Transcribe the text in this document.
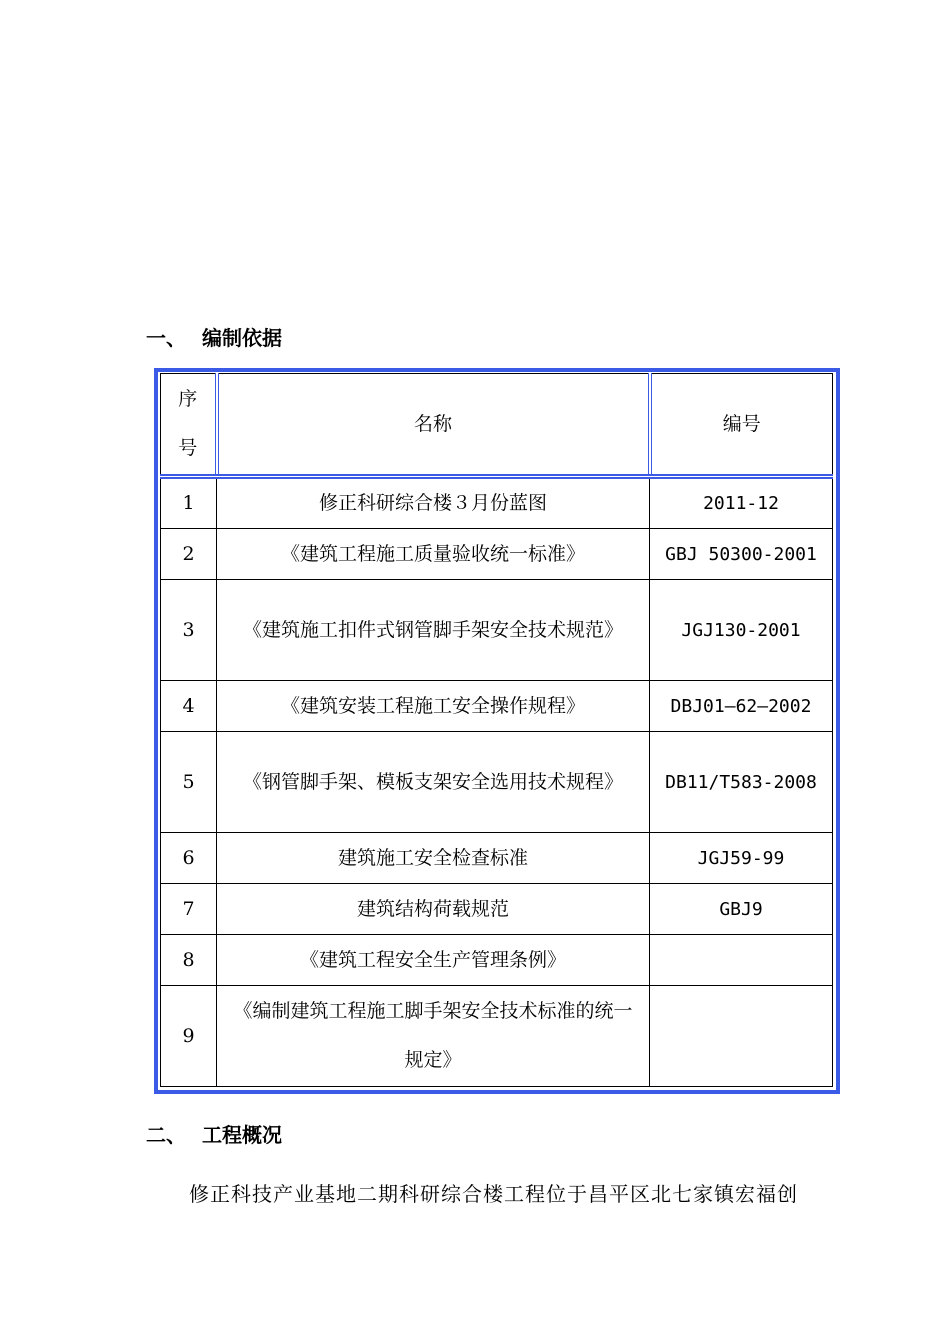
一、 编制依据
序
号	名称	编号
1	修正科研综合楼３月份蓝图	2011-12
2	《建筑工程施工质量验收统一标准》	GBJ 50300-2001
3	《建筑施工扣件式钢管脚手架安全技术规范》	JGJ130-2001
4	《建筑安装工程施工安全操作规程》	DBJ01—62—2002
5	《钢管脚手架、模板支架安全选用技术规程》	DB11/T583-2008
6	建筑施工安全检查标准	JGJ59-99
7	建筑结构荷载规范	GBJ9
8	《建筑工程安全生产管理条例》	
9	《编制建筑工程施工脚手架安全技术标准的统一规定》	
二、 工程概况
修正科技产业基地二期科研综合楼工程位于昌平区北七家镇宏福创
